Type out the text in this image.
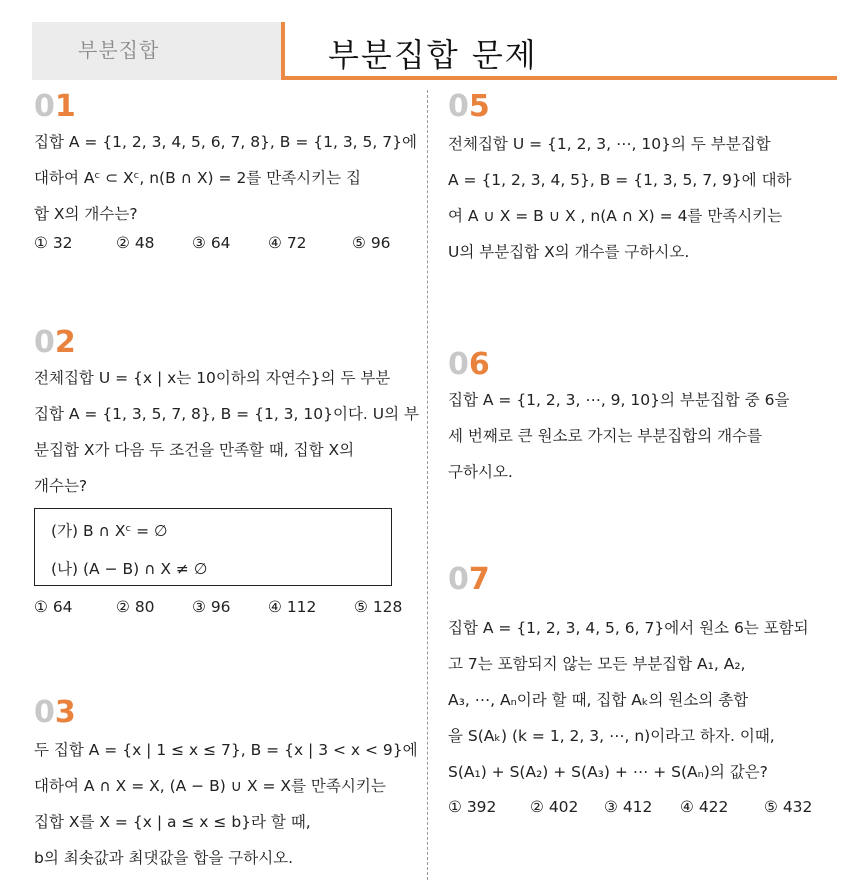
부분집합	부분집합 문제
01
집합 A = {1, 2, 3, 4, 5, 6, 7, 8}, B = {1, 3, 5, 7}에
대하여 Aᶜ ⊂ Xᶜ, n(B ∩ X) = 2를 만족시키는 집
합 X의 개수는?
① 32	② 48 ③ 64 ④ 72	⑤ 96
02
전체집합 U = {x | x는 10이하의 자연수}의 두 부분
집합 A = {1, 3, 5, 7, 8}, B = {1, 3, 10}이다. U의 부
분집합 X가 다음 두 조건을 만족할 때, 집합 X의
개수는?
(가) B ∩ Xᶜ = ∅
(나) (A − B) ∩ X ≠ ∅
① 64	② 80 ③ 96 ④ 112 ⑤ 128
03
두 집합 A = {x | 1 ≤ x ≤ 7}, B = {x | 3 < x < 9}에
대하여 A ∩ X = X, (A − B) ∪ X = X를 만족시키는
집합 X를 X = {x | a ≤ x ≤ b}라 할 때,
b의 최솟값과 최댓값을 합을 구하시오.
05
전체집합 U = {1, 2, 3, ⋯, 10}의 두 부분집합
A = {1, 2, 3, 4, 5}, B = {1, 3, 5, 7, 9}에 대하
여 A ∪ X = B ∪ X , n(A ∩ X) = 4를 만족시키는
U의 부분집합 X의 개수를 구하시오.
06
집합 A = {1, 2, 3, ⋯, 9, 10}의 부분집합 중 6을
세 번째로 큰 원소로 가지는 부분집합의 개수를
구하시오.
07
집합 A = {1, 2, 3, 4, 5, 6, 7}에서 원소 6는 포함되
고 7는 포함되지 않는 모든 부분집합 A₁, A₂,
A₃, ⋯, Aₙ이라 할 때, 집합 Aₖ의 원소의 총합
을 S(Aₖ) (k = 1, 2, 3, ⋯, n)이라고 하자. 이때,
S(A₁) + S(A₂) + S(A₃) + ⋯ + S(Aₙ)의 값은?
① 392 ② 402 ③ 412 ④ 422 ⑤ 432
